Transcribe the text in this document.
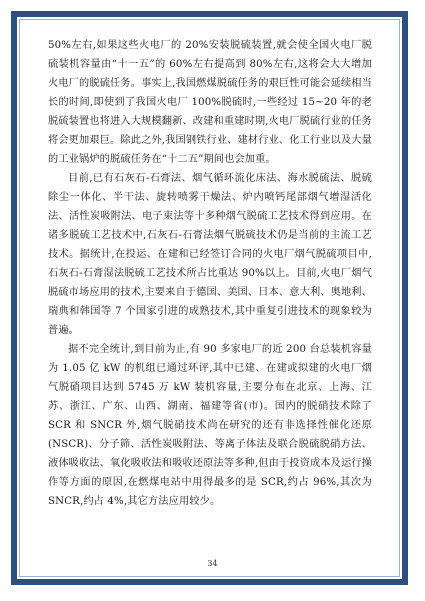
50%左右,如果这些火电厂的 20%安装脱硫装置,就会使全国火电厂脱硫装机容量由“十一五”的 60%左右提高到 80%左右,这将会大大增加火电厂的脱硫任务。事实上,我国燃煤脱硫任务的艰巨性可能会延续相当长的时间,即使到了我国火电厂 100%脱硫时,一些经过 15~20 年的老脱硫装置也将进入大规模翻新、改建和重建时期,火电厂脱硫行业的任务将会更加艰巨。除此之外,我国钢铁行业、建材行业、化工行业以及大量的工业锅炉的脱硫任务在“十二五”期间也会加重。

目前,已有石灰石-石膏法、烟气循环流化床法、海水脱硫法、脱硫除尘一体化、半干法、旋转喷雾干燥法、炉内喷钙尾部烟气增湿活化法、活性炭吸附法、电子束法等十多种烟气脱硫工艺技术得到应用。在诸多脱硫工艺技术中,石灰石-石膏法烟气脱硫技术仍是当前的主流工艺技术。据统计,在投运、在建和已经签订合同的火电厂烟气脱硫项目中,石灰石-石膏湿法脱硫工艺技术所占比重达 90%以上。目前,火电厂烟气脱硫市场应用的技术,主要来自于德国、美国、日本、意大利、奥地利、瑞典和韩国等 7 个国家引进的成熟技术,其中重复引进技术的现象较为普遍。

据不完全统计,到目前为止,有 90 多家电厂的近 200 台总装机容量为 1.05 亿 kW 的机组已通过环评,其中已建、在建或拟建的火电厂烟气脱硝项目达到 5745 万 kW 装机容量,主要分布在北京、上海、江苏、浙江、广东、山西、湖南、福建等省(市)。国内的脱硝技术除了 SCR 和 SNCR 外,烟气脱硝技术尚在研究的还有非选择性催化还原(NSCR)、分子筛、活性炭吸附法、等离子体法及联合脱硫脱硝方法、液体吸收法、氧化吸收法和吸收还原法等多种,但由于投资成本及运行操作等方面的原因,在燃煤电站中用得最多的是 SCR,约占 96%,其次为 SNCR,约占 4%,其它方法应用较少。

34
